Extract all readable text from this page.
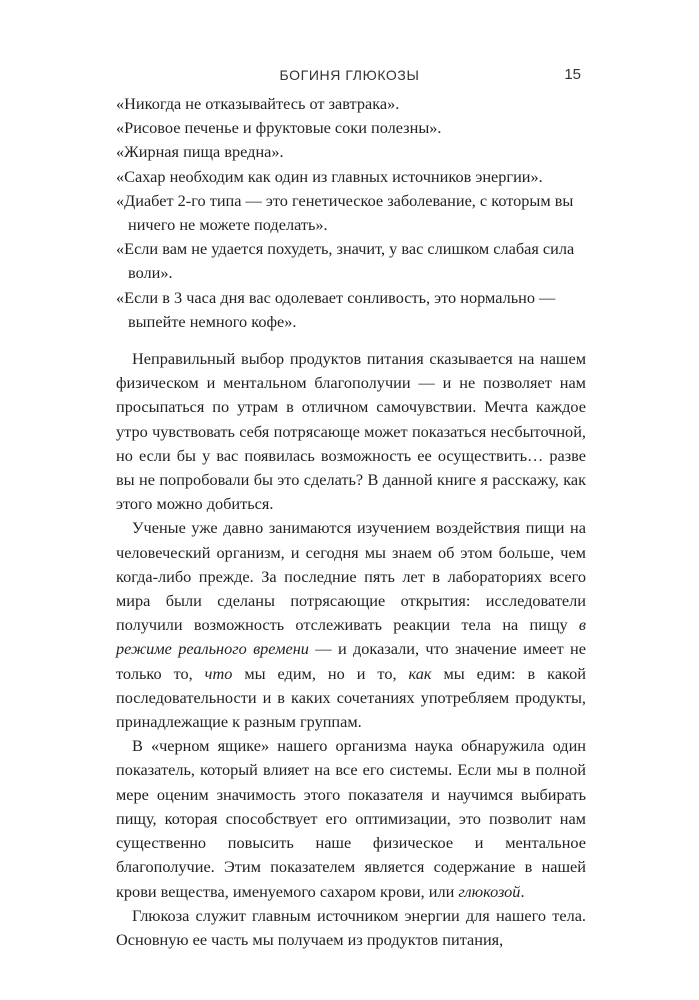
БОГИНЯ ГЛЮКОЗЫ	15
«Никогда не отказывайтесь от завтрака».
«Рисовое печенье и фруктовые соки полезны».
«Жирная пища вредна».
«Сахар необходим как один из главных источников энергии».
«Диабет 2-го типа — это генетическое заболевание, с которым вы ничего не можете поделать».
«Если вам не удается похудеть, значит, у вас слишком слабая сила воли».
«Если в 3 часа дня вас одолевает сонливость, это нормально — выпейте немного кофе».

Неправильный выбор продуктов питания сказывается на нашем физическом и ментальном благополучии — и не позволяет нам просыпаться по утрам в отличном самочувствии. Мечта каждое утро чувствовать себя потрясающе может показаться несбыточной, но если бы у вас появилась возможность ее осуществить… разве вы не попробовали бы это сделать? В данной книге я расскажу, как этого можно добиться.

Ученые уже давно занимаются изучением воздействия пищи на человеческий организм, и сегодня мы знаем об этом больше, чем когда-либо прежде. За последние пять лет в лабораториях всего мира были сделаны потрясающие открытия: исследователи получили возможность отслеживать реакции тела на пищу в режиме реального времени — и доказали, что значение имеет не только то, что мы едим, но и то, как мы едим: в какой последовательности и в каких сочетаниях употребляем продукты, принадлежащие к разным группам.

В «черном ящике» нашего организма наука обнаружила один показатель, который влияет на все его системы. Если мы в полной мере оценим значимость этого показателя и научимся выбирать пищу, которая способствует его оптимизации, это позволит нам существенно повысить наше физическое и ментальное благополучие. Этим показателем является содержание в нашей крови вещества, именуемого сахаром крови, или глюкозой.

Глюкоза служит главным источником энергии для нашего тела. Основную ее часть мы получаем из продуктов питания,
